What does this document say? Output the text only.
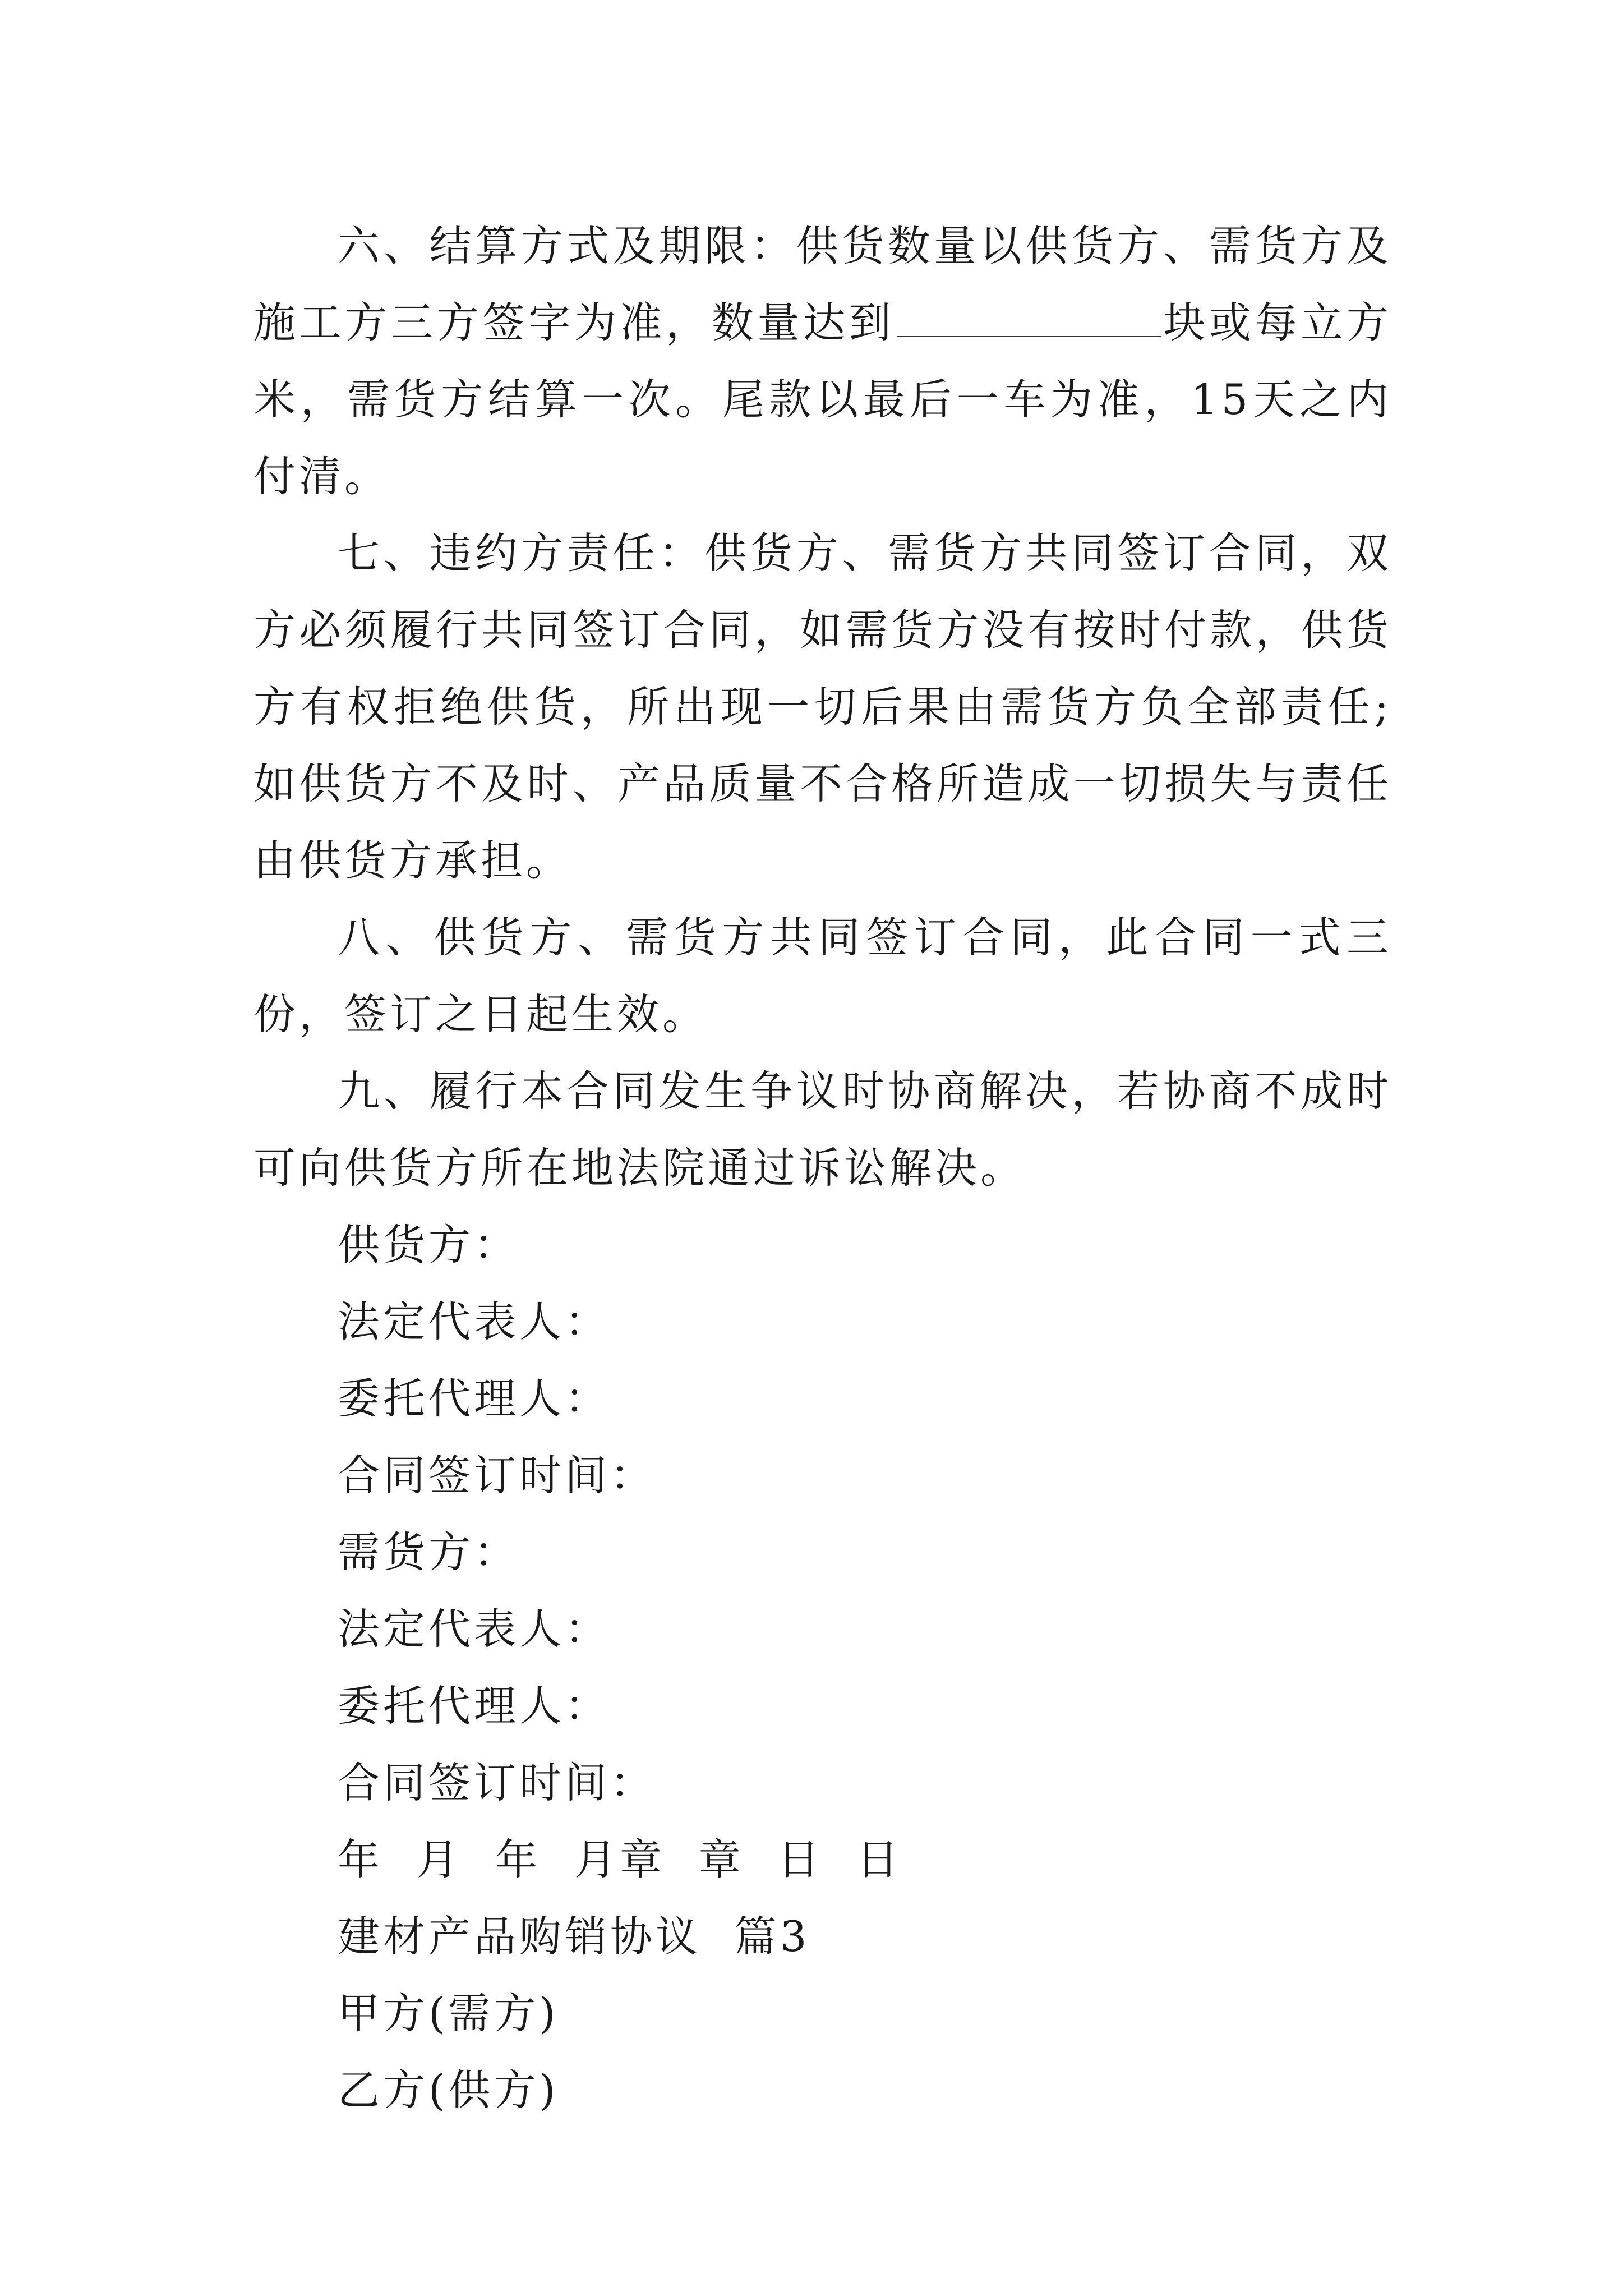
六、结算方式及期限：供货数量以供货方、需货方及施工方三方签字为准，数量达到	块或每立方米，需货方结算一次。尾款以最后一车为准，15天之内付清。

七、违约方责任：供货方、需货方共同签订合同，双方必须履行共同签订合同，如需货方没有按时付款，供货方有权拒绝供货，所出现一切后果由需货方负全部责任;如供货方不及时、产品质量不合格所造成一切损失与责任由供货方承担。

八、供货方、需货方共同签订合同，此合同一式三份，签订之日起生效。

九、履行本合同发生争议时协商解决，若协商不成时可向供货方所在地法院通过诉讼解决。

供货方：

法定代表人：

委托代理人：

合同签订时间：

需货方：

法定代表人：

委托代理人：

合同签订时间：

年  月  年  月章  章  日  日

建材产品购销协议  篇3

甲方(需方)

乙方(供方)
